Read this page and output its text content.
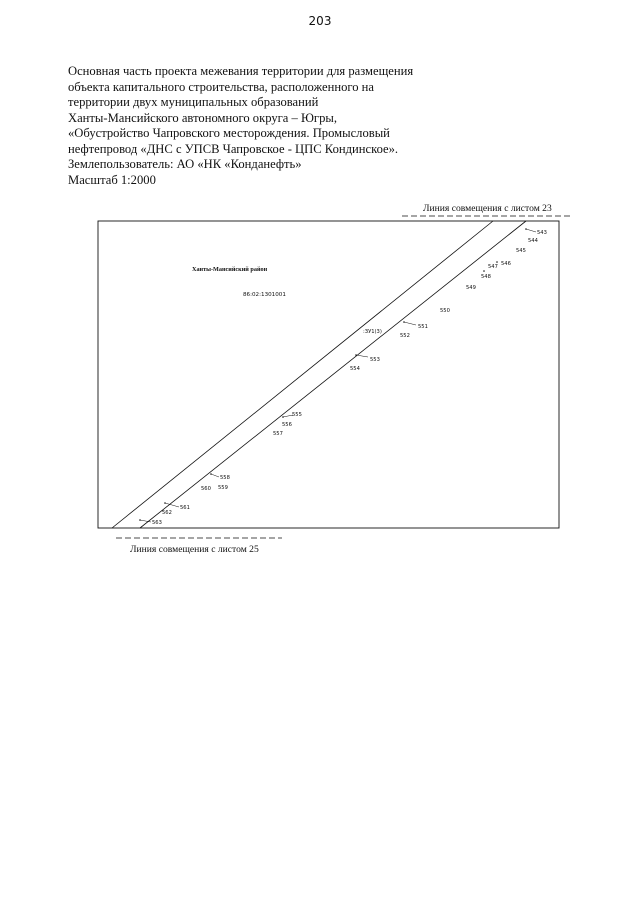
203
Основная часть проекта межевания территории для размещения
объекта капитального строительства, расположенного на
территории двух муниципальных образований
Ханты-Мансийского автономного округа – Югры,
«Обустройство Чапровского месторождения. Промысловый
нефтепровод «ДНС с УПСВ Чапровское - ЦПС Кондинское».
Землепользователь: АО «НК «Конданефть»
Масштаб 1:2000
Линия совмещения с листом 23
Ханты-Мансийский район
86:02:1301001
:ЗУ1(3)
543
544
545
546
547
548
549
550
551
552
553
554
555
556
557
558
559
560
561
562
563
Линия совмещения с листом 25
